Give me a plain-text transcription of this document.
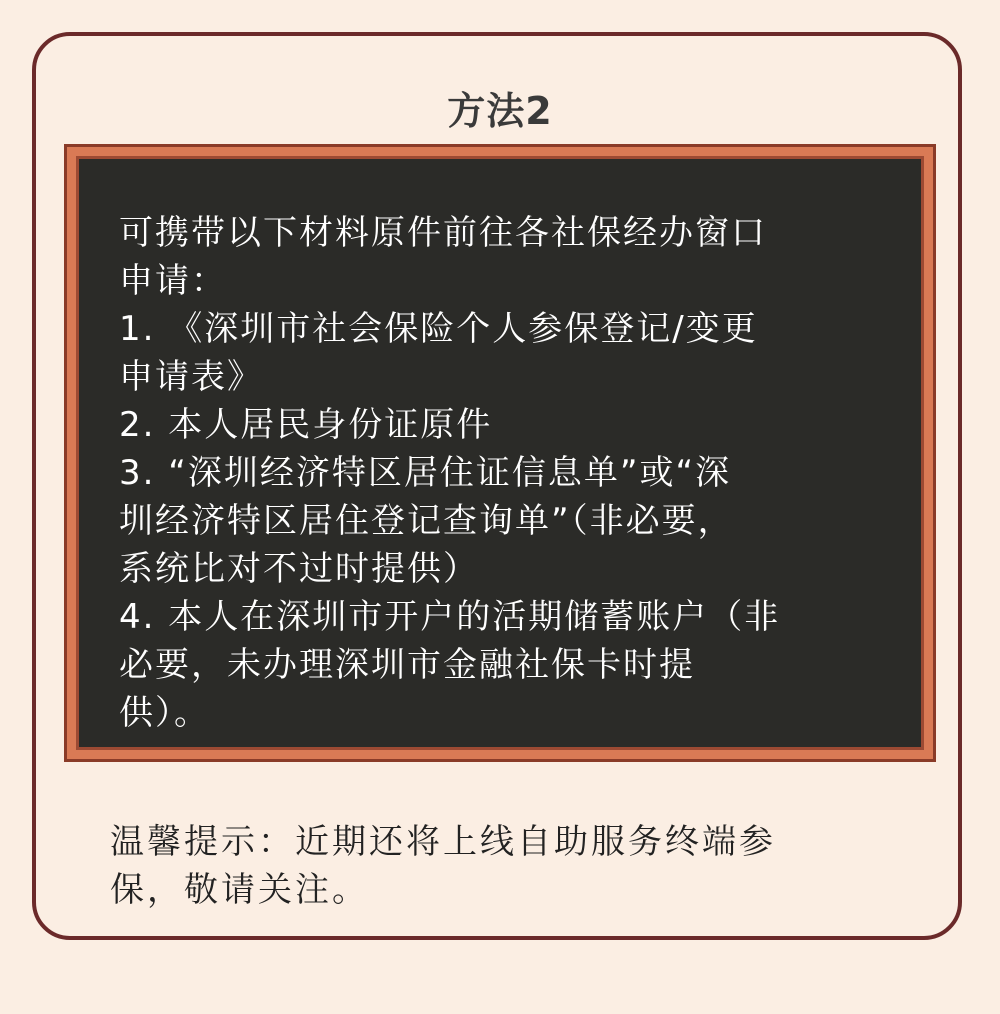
方法2

可携带以下材料原件前往各社保经办窗口
申请：
1. 《深圳市社会保险个人参保登记/变更
申请表》
2. 本人居民身份证原件
3. “深圳经济特区居住证信息单”或“深
圳经济特区居住登记查询单”（非必要，
系统比对不过时提供）
4. 本人在深圳市开户的活期储蓄账户（非
必要，未办理深圳市金融社保卡时提
供）。

温馨提示：近期还将上线自助服务终端参
保，敬请关注。
